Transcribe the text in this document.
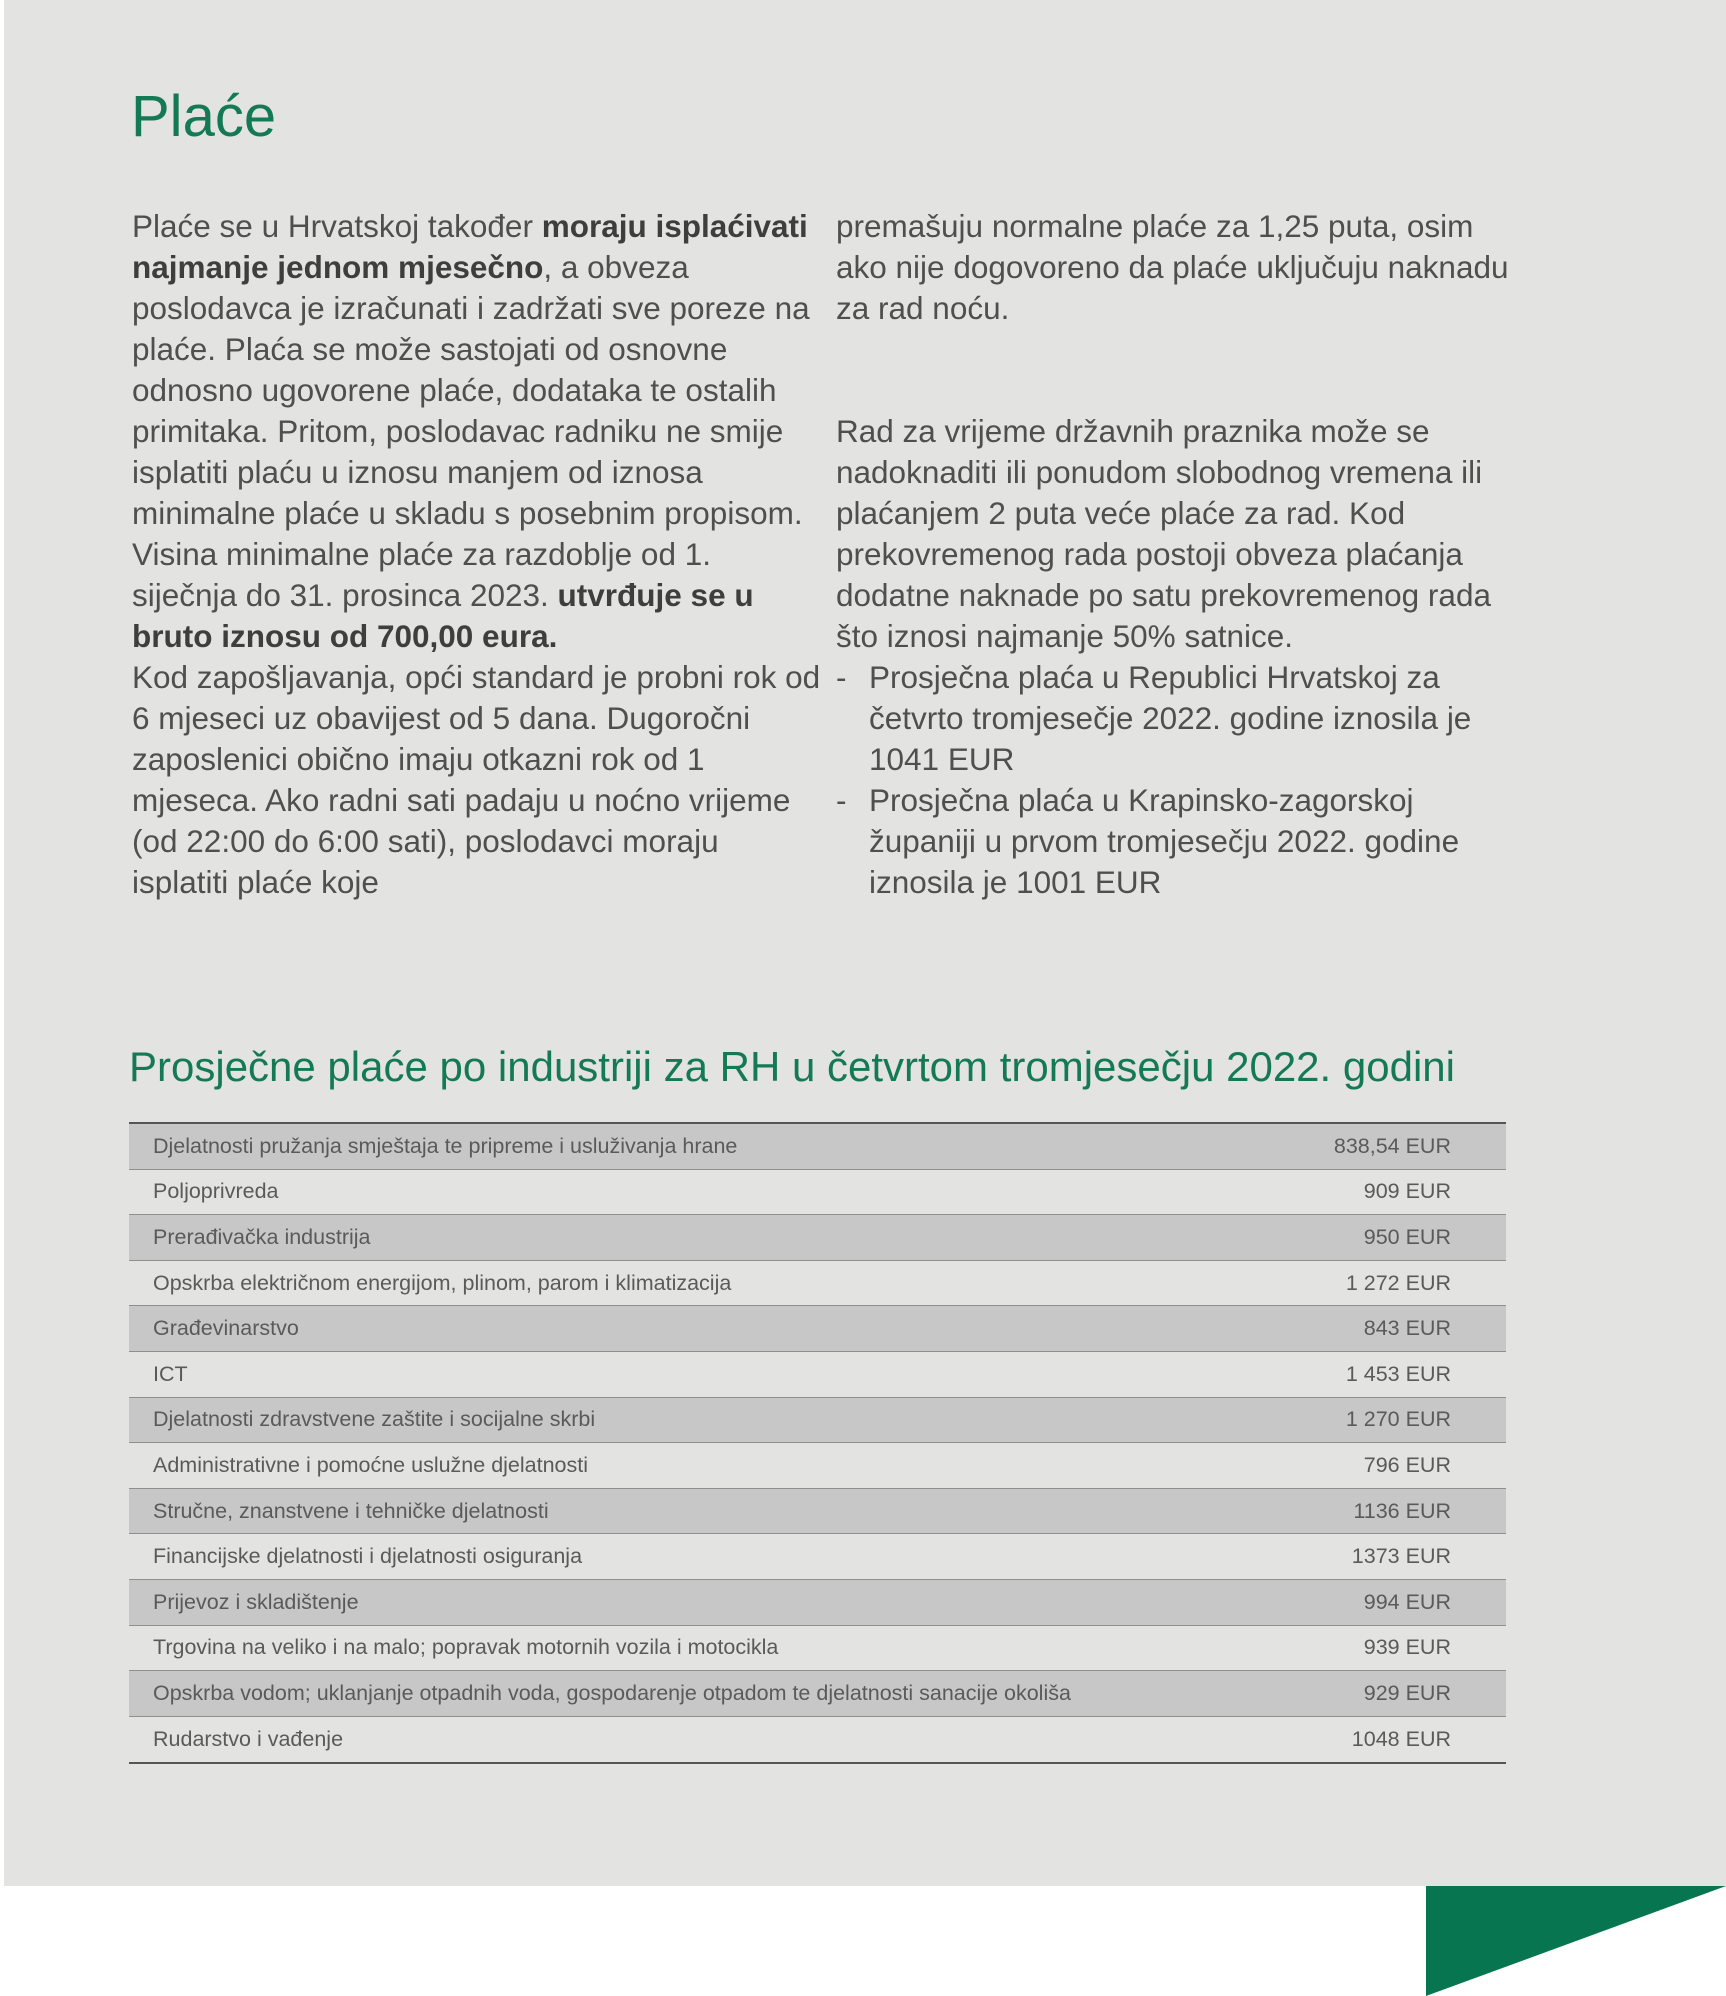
Plaće

Plaće se u Hrvatskoj također moraju isplaćivati najmanje jednom mjesečno, a obveza poslodavca je izračunati i zadržati sve poreze na plaće. Plaća se može sastojati od osnovne odnosno ugovorene plaće, dodataka te ostalih primitaka. Pritom, poslodavac radniku ne smije isplatiti plaću u iznosu manjem od iznosa minimalne plaće u skladu s posebnim propisom.

Visina minimalne plaće za razdoblje od 1. siječnja do 31. prosinca 2023. utvrđuje se u bruto iznosu od 700,00 eura.

Kod zapošljavanja, opći standard je probni rok od 6 mjeseci uz obavijest od 5 dana. Dugoročni zaposlenici obično imaju otkazni rok od 1 mjeseca. Ako radni sati padaju u noćno vrijeme (od 22:00 do 6:00 sati), poslodavci moraju isplatiti plaće koje

premašuju normalne plaće za 1,25 puta, osim ako nije dogovoreno da plaće uključuju naknadu za rad noću.

Rad za vrijeme državnih praznika može se nadoknaditi ili ponudom slobodnog vremena ili plaćanjem 2 puta veće plaće za rad. Kod prekovremenog rada postoji obveza plaćanja dodatne naknade po satu prekovremenog rada što iznosi najmanje 50% satnice.

- Prosječna plaća u Republici Hrvatskoj za četvrto tromjesečje 2022. godine iznosila je 1041 EUR
- Prosječna plaća u Krapinsko-zagorskoj županiji u prvom tromjesečju 2022. godine iznosila je 1001 EUR
Prosječne plaće po industriji za RH u četvrtom tromjesečju 2022. godini
Djelatnosti pružanja smještaja te pripreme i usluživanja hrane	838,54 EUR
Poljoprivreda	909 EUR
Prerađivačka industrija	950 EUR
Opskrba električnom energijom, plinom, parom i klimatizacija	1 272 EUR
Građevinarstvo	843 EUR
ICT	1 453 EUR
Djelatnosti zdravstvene zaštite i socijalne skrbi	1 270 EUR
Administrativne i pomoćne uslužne djelatnosti	796 EUR
Stručne, znanstvene i tehničke djelatnosti	1136 EUR
Financijske djelatnosti i djelatnosti osiguranja	1373 EUR
Prijevoz i skladištenje	994 EUR
Trgovina na veliko i na malo; popravak motornih vozila i motocikla	939 EUR
Opskrba vodom; uklanjanje otpadnih voda, gospodarenje otpadom te djelatnosti sanacije okoliša	929 EUR
Rudarstvo i vađenje	1048 EUR
